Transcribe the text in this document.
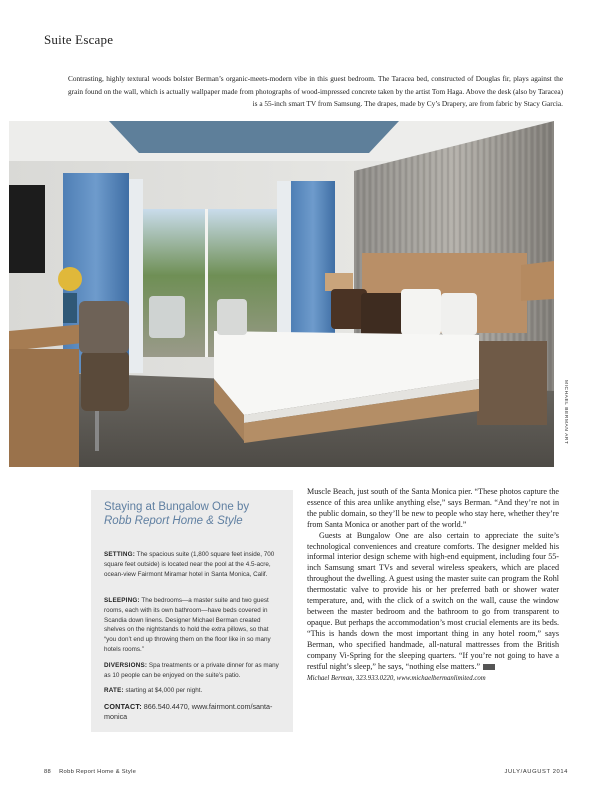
Suite Escape
Contrasting, highly textural woods bolster Berman’s organic-meets-modern vibe in this guest bedroom. The Taracea bed, constructed of Douglas fir, plays against the grain found on the wall, which is actually wallpaper made from photographs of wood-impressed concrete taken by the artist Tom Haga. Above the desk (also by Taracea) is a 55-inch smart TV from Samsung. The drapes, made by Cy’s Drapery, are from fabric by Stacy Garcia.
MICHAEL BERMAN ART
Staying at Bungalow One by
Robb Report Home & Style
SETTING: The spacious suite (1,800 square feet inside, 700 square feet outside) is located near the pool at the 4.5-acre, ocean-view Fairmont Miramar hotel in Santa Monica, Calif.
SLEEPING: The bedrooms—a master suite and two guest rooms, each with its own bathroom—have beds covered in Scandia down linens. Designer Michael Berman created shelves on the nightstands to hold the extra pillows, so that “you don’t end up throwing them on the floor like in so many hotels rooms.”
DIVERSIONS: Spa treatments or a private dinner for as many as 10 people can be enjoyed on the suite’s patio.
RATE: starting at $4,000 per night.
CONTACT: 866.540.4470, www.fairmont.com/santa-monica

Muscle Beach, just south of the Santa Monica pier. “These photos capture the essence of this area unlike anything else,” says Berman. “And they’re not in the public domain, so they’ll be new to people who stay here, whether they’re from Santa Monica or another part of the world.”

Guests at Bungalow One are also certain to appreciate the suite’s technological conveniences and creature comforts. The designer melded his informal interior design scheme with high-end equipment, including four 55-inch Samsung smart TVs and several wireless speakers, which are placed throughout the dwelling. A guest using the master suite can program the Rohl thermostatic valve to provide his or her preferred bath or shower water temperature, and, with the click of a switch on the wall, cause the window between the master bedroom and the bathroom to go from transparent to opaque. But perhaps the accommodation’s most crucial elements are its beds. “This is hands down the most important thing in any hotel room,” says Berman, who specified handmade, all-natural mattresses from the British company Vi-Spring for the sleeping quarters. “If you’re not going to have a restful night’s sleep,” he says, “nothing else matters.”

Michael Berman, 323.933.0220, www.michaelbermanlimited.com

88 Robb Report Home & Style	JULY/AUGUST 2014
